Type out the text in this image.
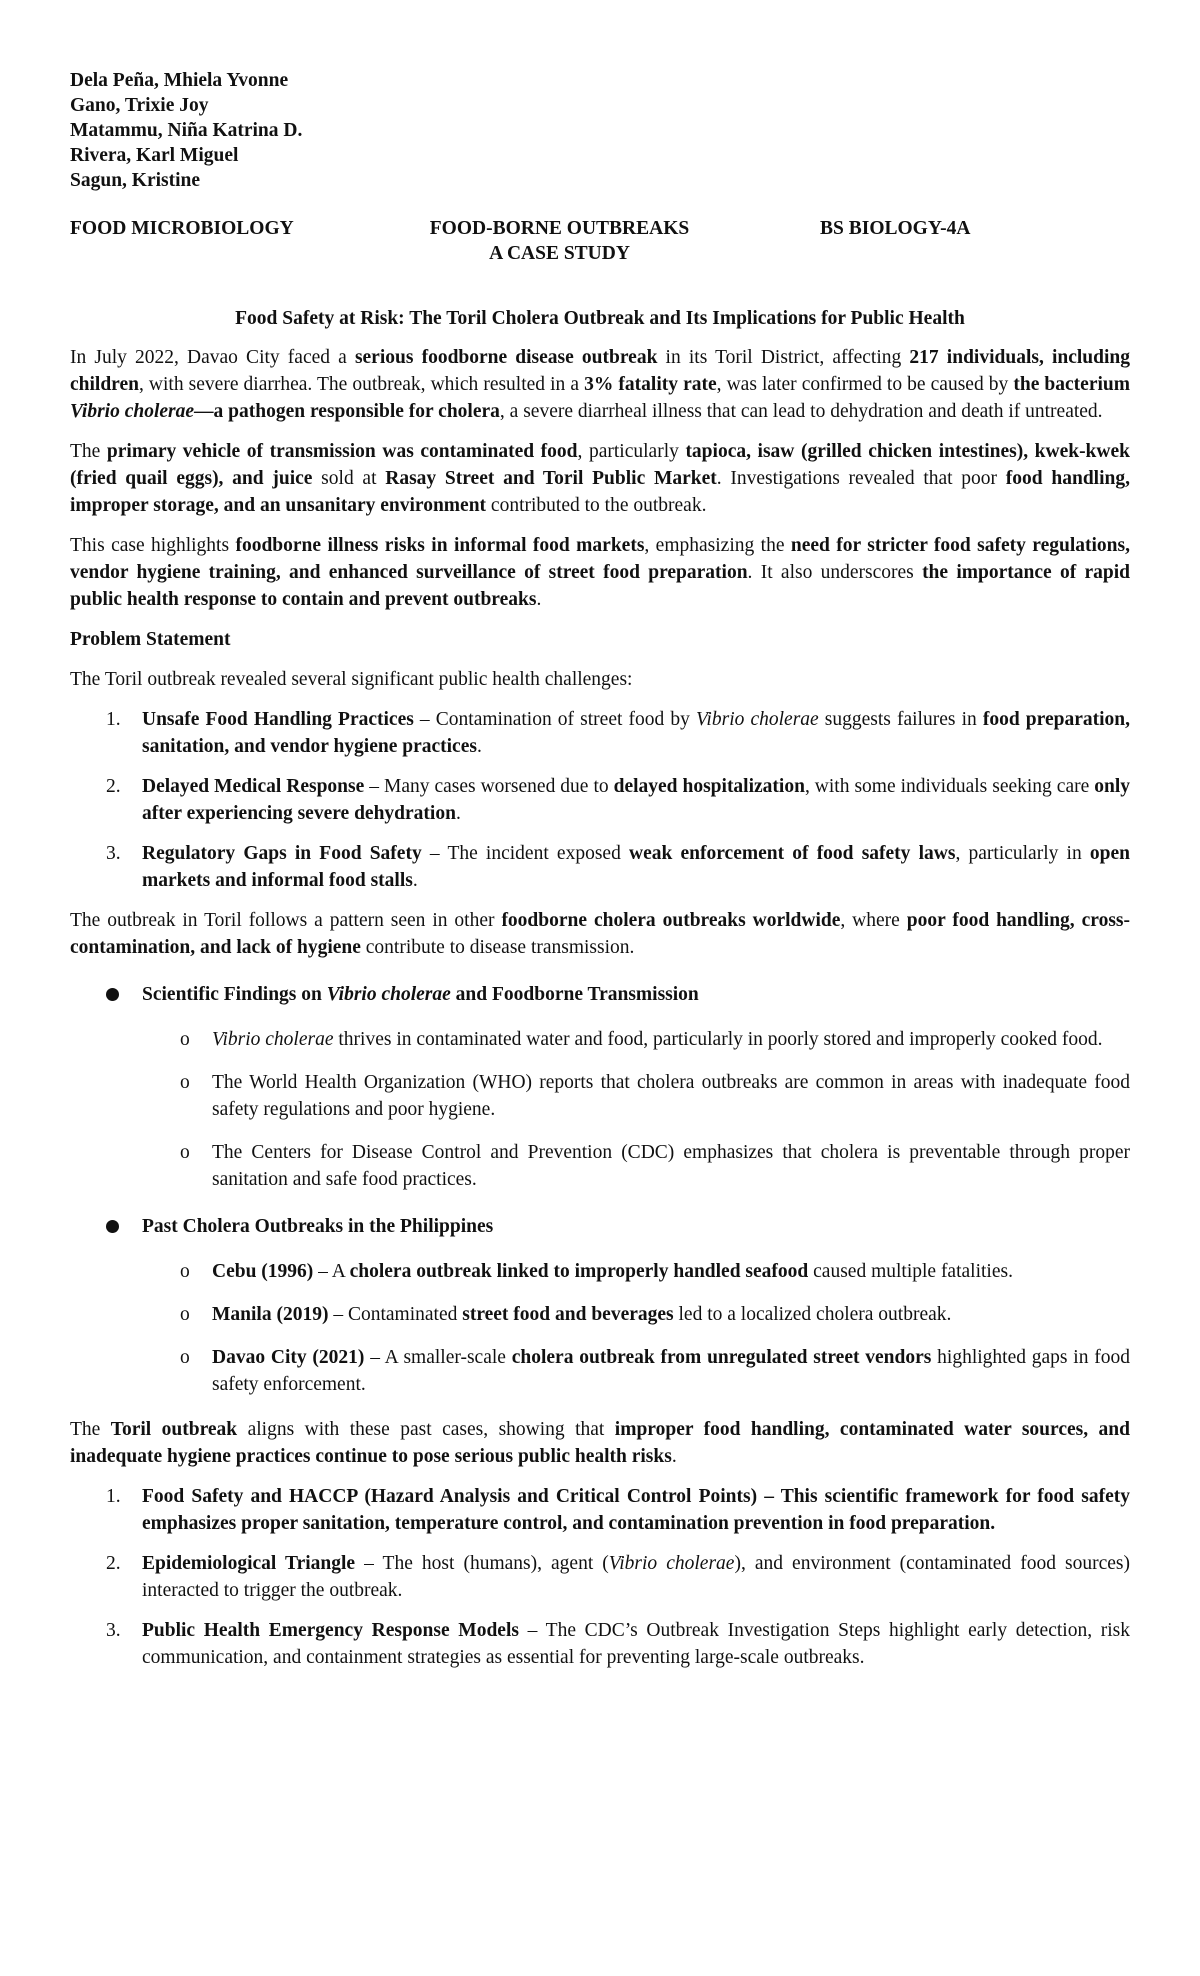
Dela Peña, Mhiela Yvonne
Gano, Trixie Joy
Matammu, Niña Katrina D.
Rivera, Karl Miguel
Sagun, Kristine
FOOD MICROBIOLOGY	FOOD-BORNE OUTBREAKS
A CASE STUDY
BS BIOLOGY-4A
Food Safety at Risk: The Toril Cholera Outbreak and Its Implications for Public Health

In July 2022, Davao City faced a serious foodborne disease outbreak in its Toril District, affecting 217 individuals, including children, with severe diarrhea. The outbreak, which resulted in a 3% fatality rate, was later confirmed to be caused by the bacterium Vibrio cholerae—a pathogen responsible for cholera, a severe diarrheal illness that can lead to dehydration and death if untreated.

The primary vehicle of transmission was contaminated food, particularly tapioca, isaw (grilled chicken intestines), kwek-kwek (fried quail eggs), and juice sold at Rasay Street and Toril Public Market. Investigations revealed that poor food handling, improper storage, and an unsanitary environment contributed to the outbreak.

This case highlights foodborne illness risks in informal food markets, emphasizing the need for stricter food safety regulations, vendor hygiene training, and enhanced surveillance of street food preparation. It also underscores the importance of rapid public health response to contain and prevent outbreaks.

Problem Statement

The Toril outbreak revealed several significant public health challenges:

1. Unsafe Food Handling Practices – Contamination of street food by Vibrio cholerae suggests failures in food preparation, sanitation, and vendor hygiene practices.
2. Delayed Medical Response – Many cases worsened due to delayed hospitalization, with some individuals seeking care only after experiencing severe dehydration.
3. Regulatory Gaps in Food Safety – The incident exposed weak enforcement of food safety laws, particularly in open markets and informal food stalls.

The outbreak in Toril follows a pattern seen in other foodborne cholera outbreaks worldwide, where poor food handling, cross-contamination, and lack of hygiene contribute to disease transmission.

Scientific Findings on Vibrio cholerae and Foodborne Transmission
o Vibrio cholerae thrives in contaminated water and food, particularly in poorly stored and improperly cooked food.
o The World Health Organization (WHO) reports that cholera outbreaks are common in areas with inadequate food safety regulations and poor hygiene.
o The Centers for Disease Control and Prevention (CDC) emphasizes that cholera is preventable through proper sanitation and safe food practices.
Past Cholera Outbreaks in the Philippines
o Cebu (1996) – A cholera outbreak linked to improperly handled seafood caused multiple fatalities.
o Manila (2019) – Contaminated street food and beverages led to a localized cholera outbreak.
o Davao City (2021) – A smaller-scale cholera outbreak from unregulated street vendors highlighted gaps in food safety enforcement.

The Toril outbreak aligns with these past cases, showing that improper food handling, contaminated water sources, and inadequate hygiene practices continue to pose serious public health risks.

1. Food Safety and HACCP (Hazard Analysis and Critical Control Points) – This scientific framework for food safety emphasizes proper sanitation, temperature control, and contamination prevention in food preparation.
2. Epidemiological Triangle – The host (humans), agent (Vibrio cholerae), and environment (contaminated food sources) interacted to trigger the outbreak.
3. Public Health Emergency Response Models – The CDC’s Outbreak Investigation Steps highlight early detection, risk communication, and containment strategies as essential for preventing large-scale outbreaks.
